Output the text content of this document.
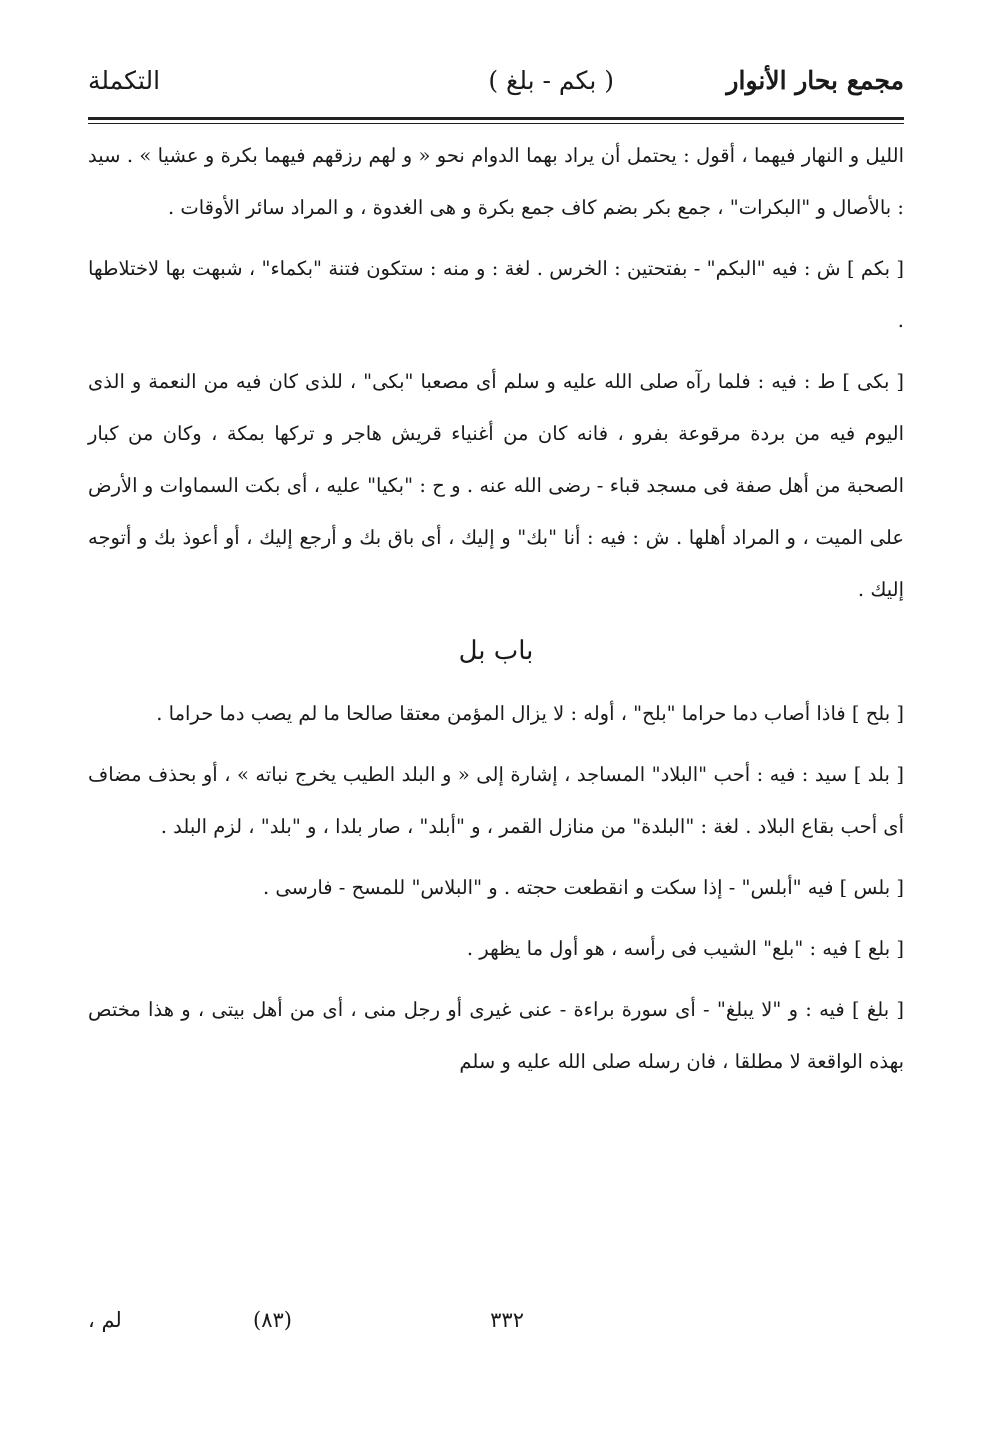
مجمع بحار الأنوار
( بكم - بلغ )
التكملة

الليل و النهار فيهما ، أقول : يحتمل أن يراد بهما الدوام نحو « و لهم رزقهم فيهما بكرة و عشيا » . سيد : بالأصال و "البكرات" ، جمع بكر بضم كاف جمع بكرة و هى الغدوة ، و المراد سائر الأوقات .

[ بكم ] ش : فيه "البكم" - بفتحتين : الخرس . لغة : و منه : ستكون فتنة "بكماء" ، شبهت بها لاختلاطها .

[ بكى ] ط : فيه : فلما رآه صلى الله عليه و سلم أى مصعبا "بكى" ، للذى كان فيه من النعمة و الذى اليوم فيه من بردة مرقوعة بفرو ، فانه كان من أغنياء قريش هاجر و تركها بمكة ، وكان من كبار الصحبة من أهل صفة فى مسجد قباء - رضى الله عنه . و ح : "بكيا" عليه ، أى بكت السماوات و الأرض على الميت ، و المراد أهلها . ش : فيه : أنا "بك" و إليك ، أى باق بك و أرجع إليك ، أو أعوذ بك و أتوجه إليك .

باب بل

[ بلح ] فاذا أصاب دما حراما "بلح" ، أوله : لا يزال المؤمن معتقا صالحا ما لم يصب دما حراما .

[ بلد ] سيد : فيه : أحب "البلاد" المساجد ، إشارة إلى « و البلد الطيب يخرج نباته » ، أو بحذف مضاف أى أحب بقاع البلاد . لغة : "البلدة" من منازل القمر ، و "أبلد" ، صار بلدا ، و "بلد" ، لزم البلد .

[ بلس ] فيه "أبلس" - إذا سكت و انقطعت حجته . و "البلاس" للمسح - فارسى .

[ بلع ] فيه : "بلع" الشيب فى رأسه ، هو أول ما يظهر .

[ بلغ ] فيه : و "لا يبلغ" - أى سورة براءة - عنى غيرى أو رجل منى ، أى من أهل بيتى ، و هذا مختص بهذه الواقعة لا مطلقا ، فان رسله صلى الله عليه و سلم

٣٣٢
(٨٣)
لم ،
